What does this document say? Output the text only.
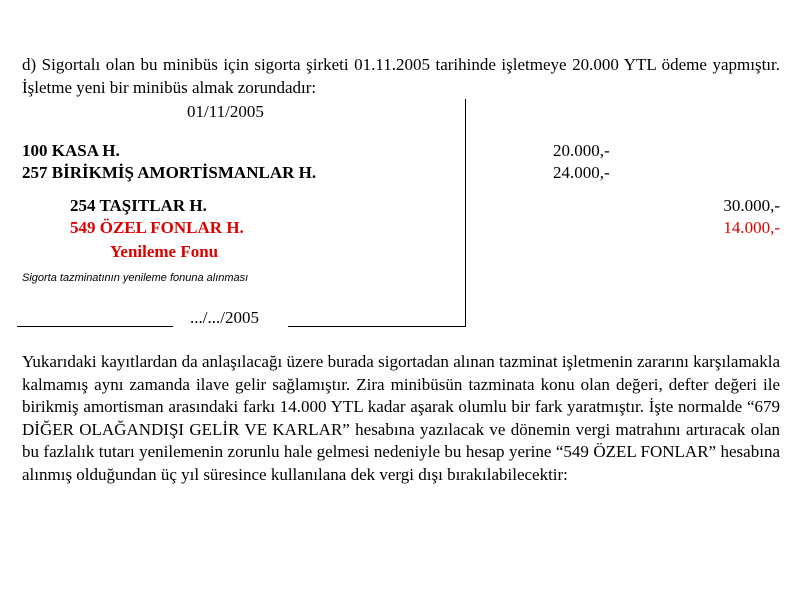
d) Sigortalı olan bu minibüs için sigorta şirketi 01.11.2005 tarihinde işletmeye 20.000 YTL ödeme yapmıştır. İşletme yeni bir minibüs almak zorundadır:

01/11/2005
100 KASA H.	20.000,-
257 BİRİKMİŞ AMORTİSMANLAR H.	24.000,-
254 TAŞITLAR H.	30.000,-
549 ÖZEL FONLAR H.	14.000,-
Yenileme Fonu
Sigorta tazminatının yenileme fonuna alınması
.../.../2005

Yukarıdaki kayıtlardan da anlaşılacağı üzere burada sigortadan alınan tazminat işletmenin zararını karşılamakla kalmamış aynı zamanda ilave gelir sağlamıştır. Zira minibüsün tazminata konu olan değeri, defter değeri ile birikmiş amortisman arasındaki farkı 14.000 YTL kadar aşarak olumlu bir fark yaratmıştır. İşte normalde “679 DİĞER OLAĞANDIŞI GELİR VE KARLAR” hesabına yazılacak ve dönemin vergi matrahını artıracak olan bu fazlalık tutarı yenilemenin zorunlu hale gelmesi nedeniyle bu hesap yerine “549 ÖZEL FONLAR” hesabına alınmış olduğundan üç yıl süresince kullanılana dek vergi dışı bırakılabilecektir:
